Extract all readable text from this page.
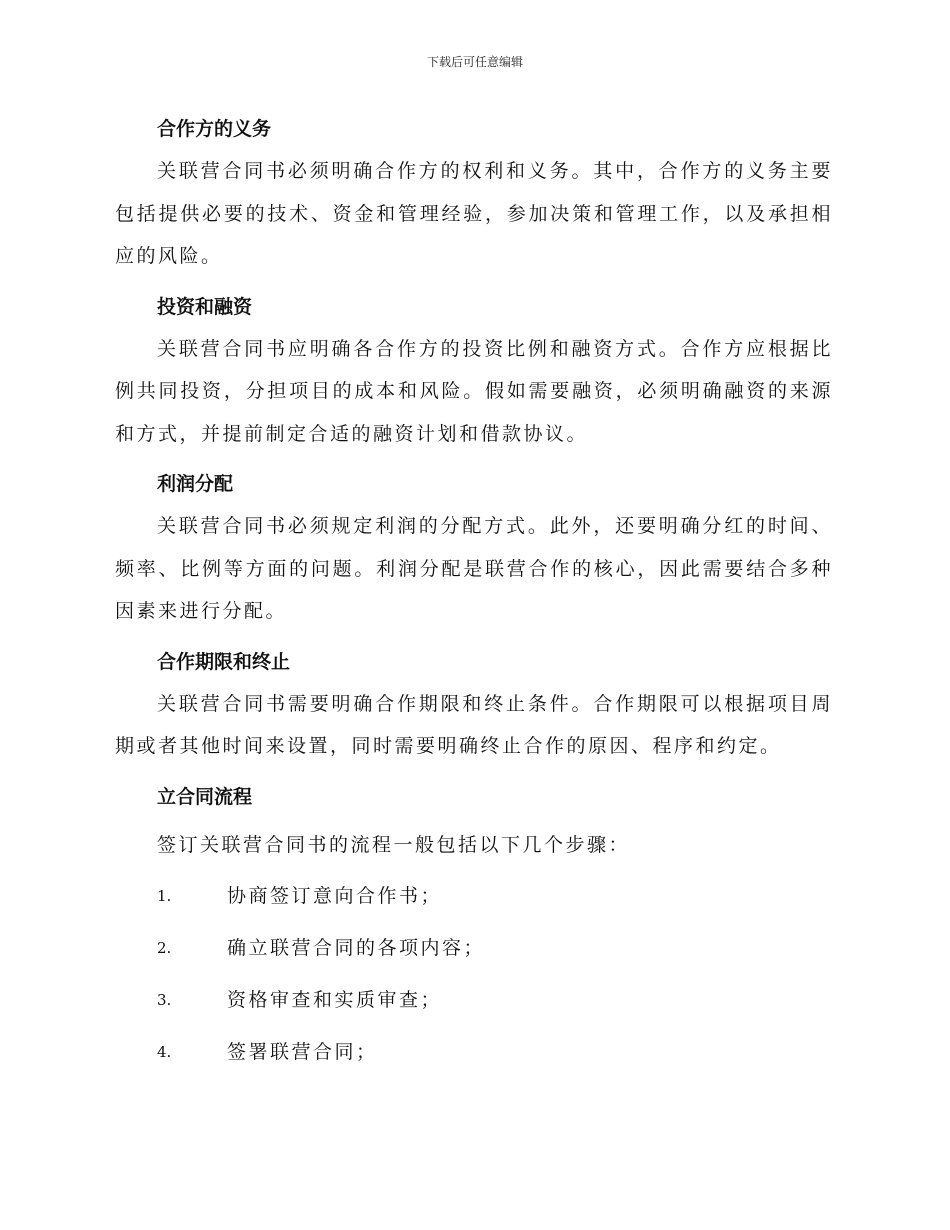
下载后可任意编辑
合作方的义务

关联营合同书必须明确合作方的权利和义务。其中，合作方的义务主要包括提供必要的技术、资金和管理经验，参加决策和管理工作，以及承担相应的风险。

投资和融资

关联营合同书应明确各合作方的投资比例和融资方式。合作方应根据比例共同投资，分担项目的成本和风险。假如需要融资，必须明确融资的来源和方式，并提前制定合适的融资计划和借款协议。

利润分配

关联营合同书必须规定利润的分配方式。此外，还要明确分红的时间、频率、比例等方面的问题。利润分配是联营合作的核心，因此需要结合多种因素来进行分配。

合作期限和终止

关联营合同书需要明确合作期限和终止条件。合作期限可以根据项目周期或者其他时间来设置，同时需要明确终止合作的原因、程序和约定。

立合同流程

签订关联营合同书的流程一般包括以下几个步骤：

1.	协商签订意向合作书；
2.	确立联营合同的各项内容；
3.	资格审查和实质审查；
4.	签署联营合同；
